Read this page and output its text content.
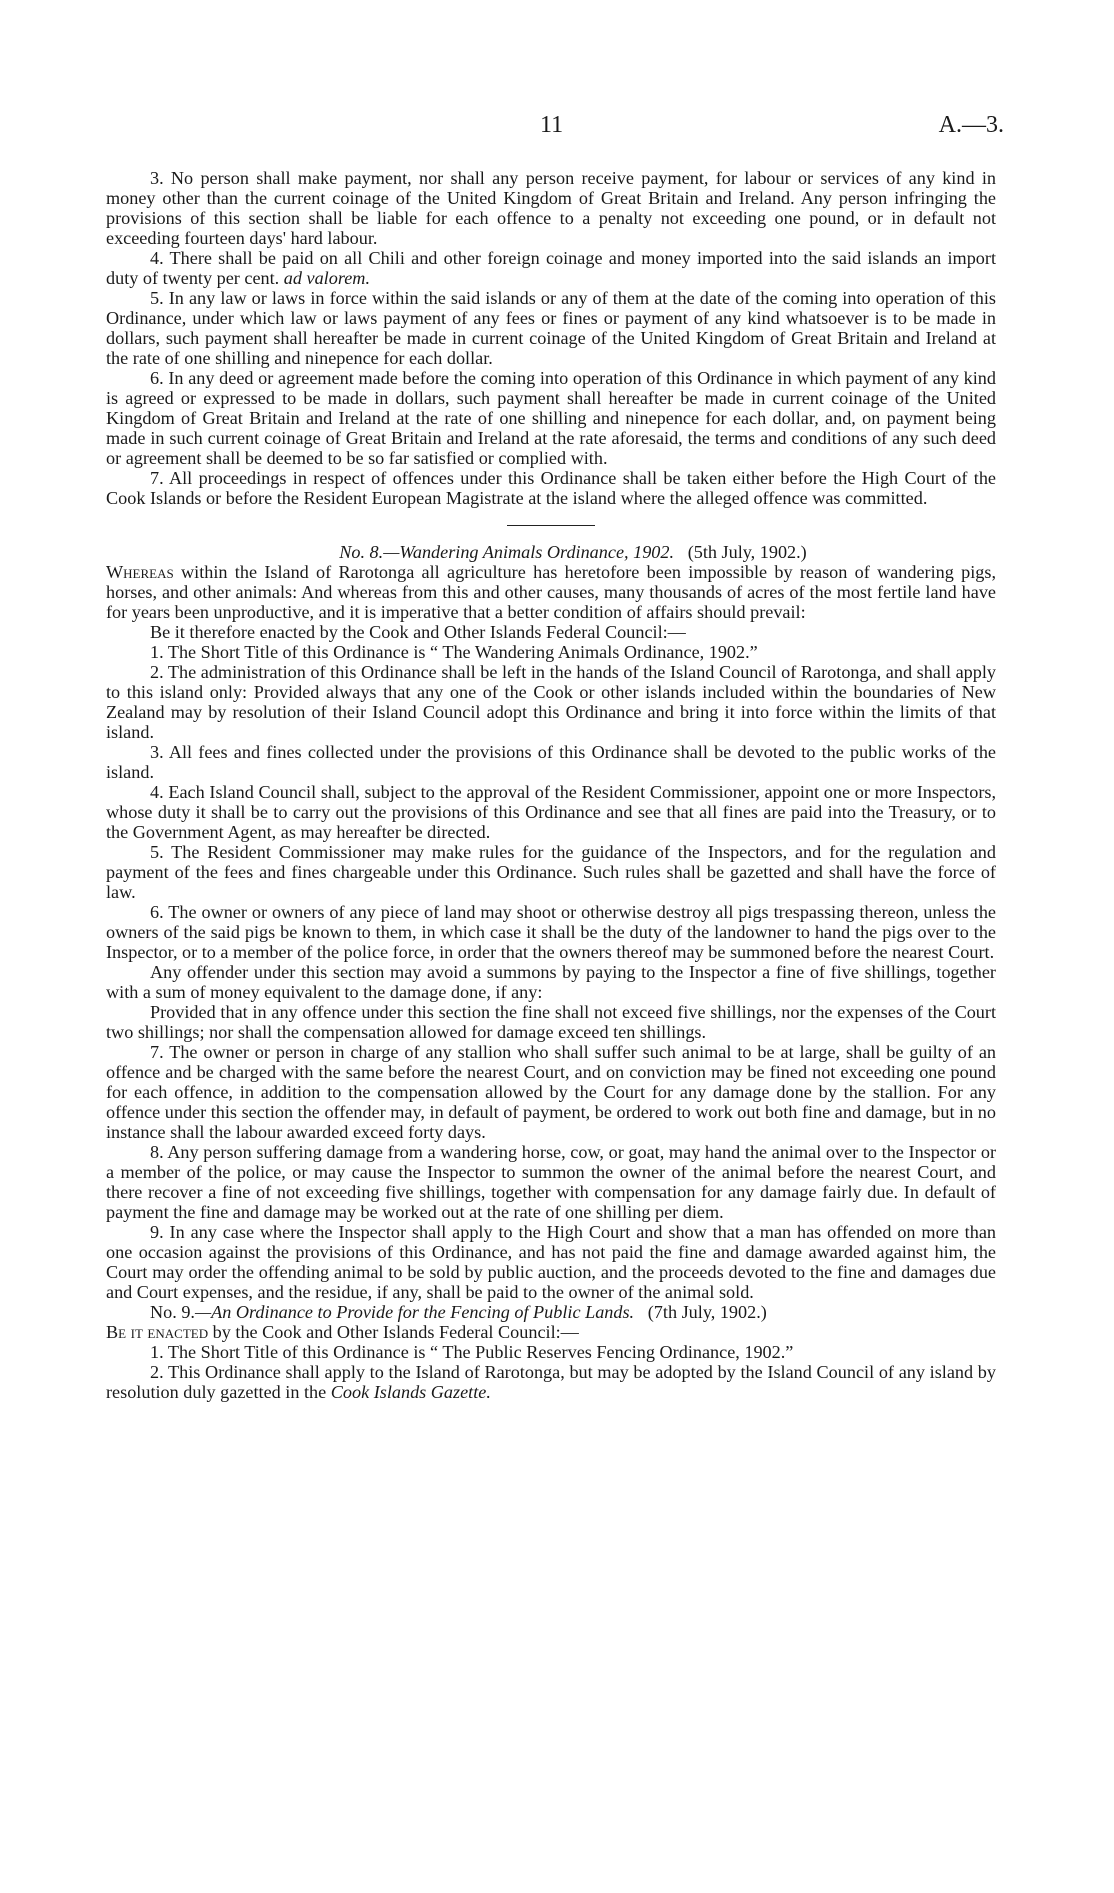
11	A.—3.

3. No person shall make payment, nor shall any person receive payment, for labour or services of any kind in money other than the current coinage of the United Kingdom of Great Britain and Ireland. Any person infringing the provisions of this section shall be liable for each offence to a penalty not exceeding one pound, or in default not exceeding fourteen days' hard labour.

4. There shall be paid on all Chili and other foreign coinage and money imported into the said islands an import duty of twenty per cent. ad valorem.

5. In any law or laws in force within the said islands or any of them at the date of the coming into operation of this Ordinance, under which law or laws payment of any fees or fines or payment of any kind whatsoever is to be made in dollars, such payment shall hereafter be made in current coinage of the United Kingdom of Great Britain and Ireland at the rate of one shilling and ninepence for each dollar.

6. In any deed or agreement made before the coming into operation of this Ordinance in which payment of any kind is agreed or expressed to be made in dollars, such payment shall hereafter be made in current coinage of the United Kingdom of Great Britain and Ireland at the rate of one shilling and ninepence for each dollar, and, on payment being made in such current coinage of Great Britain and Ireland at the rate aforesaid, the terms and conditions of any such deed or agreement shall be deemed to be so far satisfied or complied with.

7. All proceedings in respect of offences under this Ordinance shall be taken either before the High Court of the Cook Islands or before the Resident European Magistrate at the island where the alleged offence was committed.

No. 8.—Wandering Animals Ordinance, 1902. (5th July, 1902.)

Whereas within the Island of Rarotonga all agriculture has heretofore been impossible by reason of wandering pigs, horses, and other animals: And whereas from this and other causes, many thousands of acres of the most fertile land have for years been unproductive, and it is imperative that a better condition of affairs should prevail:

Be it therefore enacted by the Cook and Other Islands Federal Council:—

1. The Short Title of this Ordinance is “ The Wandering Animals Ordinance, 1902.”

2. The administration of this Ordinance shall be left in the hands of the Island Council of Rarotonga, and shall apply to this island only: Provided always that any one of the Cook or other islands included within the boundaries of New Zealand may by resolution of their Island Council adopt this Ordinance and bring it into force within the limits of that island.

3. All fees and fines collected under the provisions of this Ordinance shall be devoted to the public works of the island.

4. Each Island Council shall, subject to the approval of the Resident Commissioner, appoint one or more Inspectors, whose duty it shall be to carry out the provisions of this Ordinance and see that all fines are paid into the Treasury, or to the Government Agent, as may hereafter be directed.

5. The Resident Commissioner may make rules for the guidance of the Inspectors, and for the regulation and payment of the fees and fines chargeable under this Ordinance. Such rules shall be gazetted and shall have the force of law.

6. The owner or owners of any piece of land may shoot or otherwise destroy all pigs trespassing thereon, unless the owners of the said pigs be known to them, in which case it shall be the duty of the landowner to hand the pigs over to the Inspector, or to a member of the police force, in order that the owners thereof may be summoned before the nearest Court.

Any offender under this section may avoid a summons by paying to the Inspector a fine of five shillings, together with a sum of money equivalent to the damage done, if any:

Provided that in any offence under this section the fine shall not exceed five shillings, nor the expenses of the Court two shillings; nor shall the compensation allowed for damage exceed ten shillings.

7. The owner or person in charge of any stallion who shall suffer such animal to be at large, shall be guilty of an offence and be charged with the same before the nearest Court, and on conviction may be fined not exceeding one pound for each offence, in addition to the compensation allowed by the Court for any damage done by the stallion. For any offence under this section the offender may, in default of payment, be ordered to work out both fine and damage, but in no instance shall the labour awarded exceed forty days.

8. Any person suffering damage from a wandering horse, cow, or goat, may hand the animal over to the Inspector or a member of the police, or may cause the Inspector to summon the owner of the animal before the nearest Court, and there recover a fine of not exceeding five shillings, together with compensation for any damage fairly due. In default of payment the fine and damage may be worked out at the rate of one shilling per diem.

9. In any case where the Inspector shall apply to the High Court and show that a man has offended on more than one occasion against the provisions of this Ordinance, and has not paid the fine and damage awarded against him, the Court may order the offending animal to be sold by public auction, and the proceeds devoted to the fine and damages due and Court expenses, and the residue, if any, shall be paid to the owner of the animal sold.

No. 9.—An Ordinance to Provide for the Fencing of Public Lands. (7th July, 1902.)

Be it enacted by the Cook and Other Islands Federal Council:—

1. The Short Title of this Ordinance is “ The Public Reserves Fencing Ordinance, 1902.”

2. This Ordinance shall apply to the Island of Rarotonga, but may be adopted by the Island Council of any island by resolution duly gazetted in the Cook Islands Gazette.
